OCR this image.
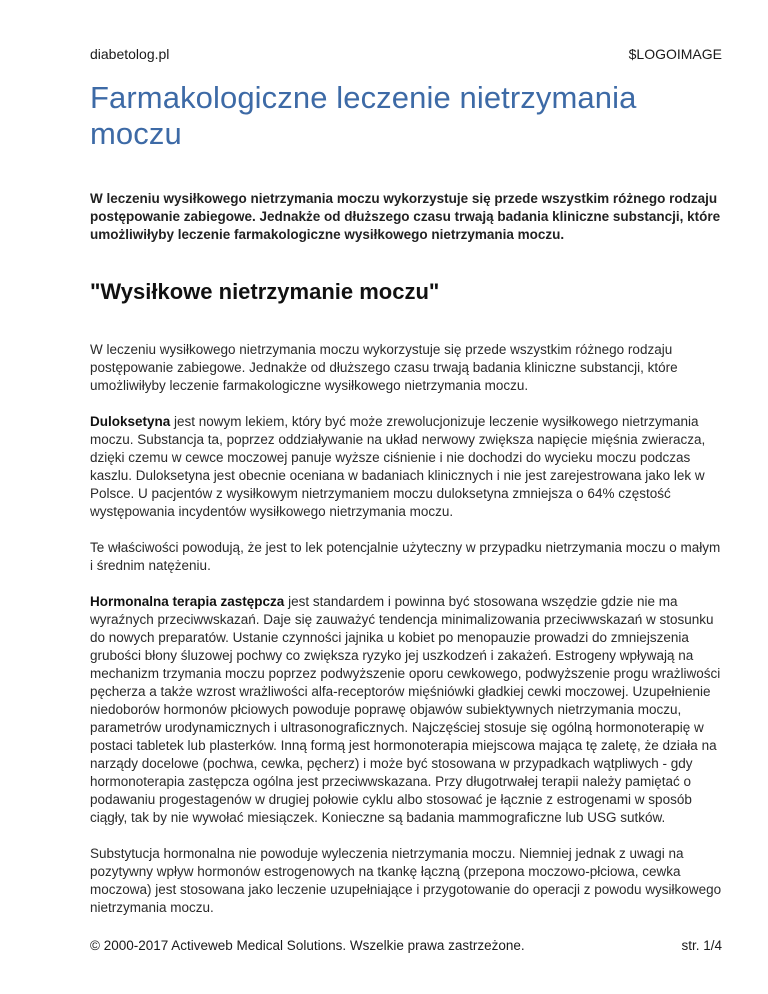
diabetolog.pl	$LOGOIMAGE
Farmakologiczne leczenie nietrzymania moczu

W leczeniu wysiłkowego nietrzymania moczu wykorzystuje się przede wszystkim różnego rodzaju postępowanie zabiegowe. Jednakże od dłuższego czasu trwają badania kliniczne substancji, które umożliwiłyby leczenie farmakologiczne wysiłkowego nietrzymania moczu.

"Wysiłkowe nietrzymanie moczu"

W leczeniu wysiłkowego nietrzymania moczu wykorzystuje się przede wszystkim różnego rodzaju postępowanie zabiegowe. Jednakże od dłuższego czasu trwają badania kliniczne substancji, które umożliwiłyby leczenie farmakologiczne wysiłkowego nietrzymania moczu.

Duloksetyna jest nowym lekiem, który być może zrewolucjonizuje leczenie wysiłkowego nietrzymania moczu. Substancja ta, poprzez oddziaływanie na układ nerwowy zwiększa napięcie mięśnia zwieracza, dzięki czemu w cewce moczowej panuje wyższe ciśnienie i nie dochodzi do wycieku moczu podczas kaszlu. Duloksetyna jest obecnie oceniana w badaniach klinicznych i nie jest zarejestrowana jako lek w Polsce. U pacjentów z wysiłkowym nietrzymaniem moczu duloksetyna zmniejsza o 64% częstość występowania incydentów wysiłkowego nietrzymania moczu.

Te właściwości powodują, że jest to lek potencjalnie użyteczny w przypadku nietrzymania moczu o małym i średnim natężeniu.

Hormonalna terapia zastępcza jest standardem i powinna być stosowana wszędzie gdzie nie ma wyraźnych przeciwwskazań. Daje się zauważyć tendencja minimalizowania przeciwwskazań w stosunku do nowych preparatów. Ustanie czynności jajnika u kobiet po menopauzie prowadzi do zmniejszenia grubości błony śluzowej pochwy co zwiększa ryzyko jej uszkodzeń i zakażeń. Estrogeny wpływają na mechanizm trzymania moczu poprzez podwyższenie oporu cewkowego, podwyższenie progu wrażliwości pęcherza a także wzrost wrażliwości alfa-receptorów mięśniówki gładkiej cewki moczowej. Uzupełnienie niedoborów hormonów płciowych powoduje poprawę objawów subiektywnych nietrzymania moczu, parametrów urodynamicznych i ultrasonograficznych. Najczęściej stosuje się ogólną hormonoterapię w postaci tabletek lub plasterków. Inną formą jest hormonoterapia miejscowa mająca tę zaletę, że działa na narządy docelowe (pochwa, cewka, pęcherz) i może być stosowana w przypadkach wątpliwych - gdy hormonoterapia zastępcza ogólna jest przeciwwskazana. Przy długotrwałej terapii należy pamiętać o podawaniu progestagenów w drugiej połowie cyklu albo stosować je łącznie z estrogenami w sposób ciągły, tak by nie wywołać miesiączek. Konieczne są badania mammograficzne lub USG sutków.

Substytucja hormonalna nie powoduje wyleczenia nietrzymania moczu. Niemniej jednak z uwagi na pozytywny wpływ hormonów estrogenowych na tkankę łączną (przepona moczowo-płciowa, cewka moczowa) jest stosowana jako leczenie uzupełniające i przygotowanie do operacji z powodu wysiłkowego nietrzymania moczu.

© 2000-2017 Activeweb Medical Solutions. Wszelkie prawa zastrzeżone.	str. 1/4
